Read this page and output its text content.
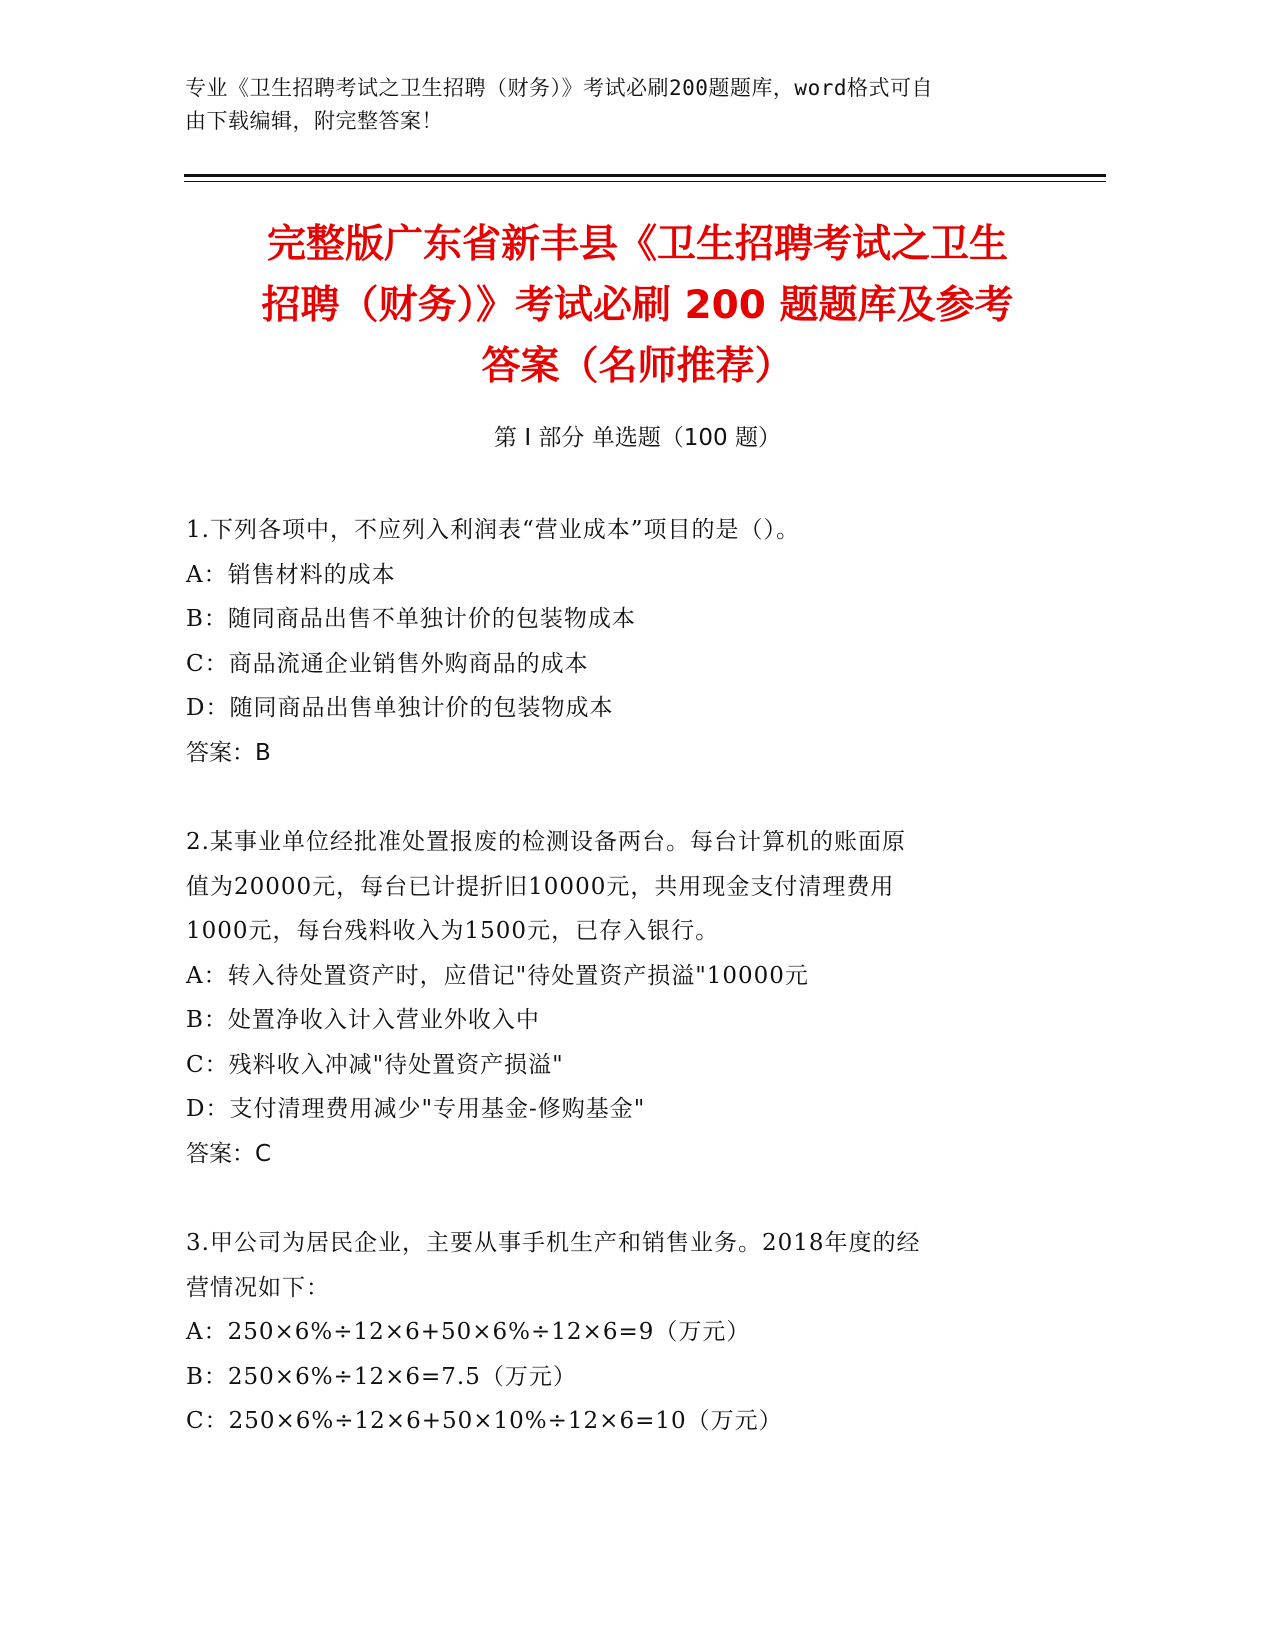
专业《卫生招聘考试之卫生招聘（财务）》考试必刷200题题库，word格式可自
由下载编辑，附完整答案！
完整版广东省新丰县《卫生招聘考试之卫生
招聘（财务）》考试必刷 200 题题库及参考
答案（名师推荐）
第 I 部分 单选题（100 题）
1.下列各项中，不应列入利润表“营业成本”项目的是（）。
A：销售材料的成本
B：随同商品出售不单独计价的包装物成本
C：商品流通企业销售外购商品的成本
D：随同商品出售单独计价的包装物成本
答案：B
2.某事业单位经批准处置报废的检测设备两台。每台计算机的账面原
值为20000元，每台已计提折旧10000元，共用现金支付清理费用
1000元，每台残料收入为1500元，已存入银行。
A：转入待处置资产时，应借记"待处置资产损溢"10000元
B：处置净收入计入营业外收入中
C：残料收入冲减"待处置资产损溢"
D：支付清理费用减少"专用基金-修购基金"
答案：C
3.甲公司为居民企业，主要从事手机生产和销售业务。2018年度的经
营情况如下：
A：250×6%÷12×6+50×6%÷12×6=9（万元）
B：250×6%÷12×6=7.5（万元）
C：250×6%÷12×6+50×10%÷12×6=10（万元）
